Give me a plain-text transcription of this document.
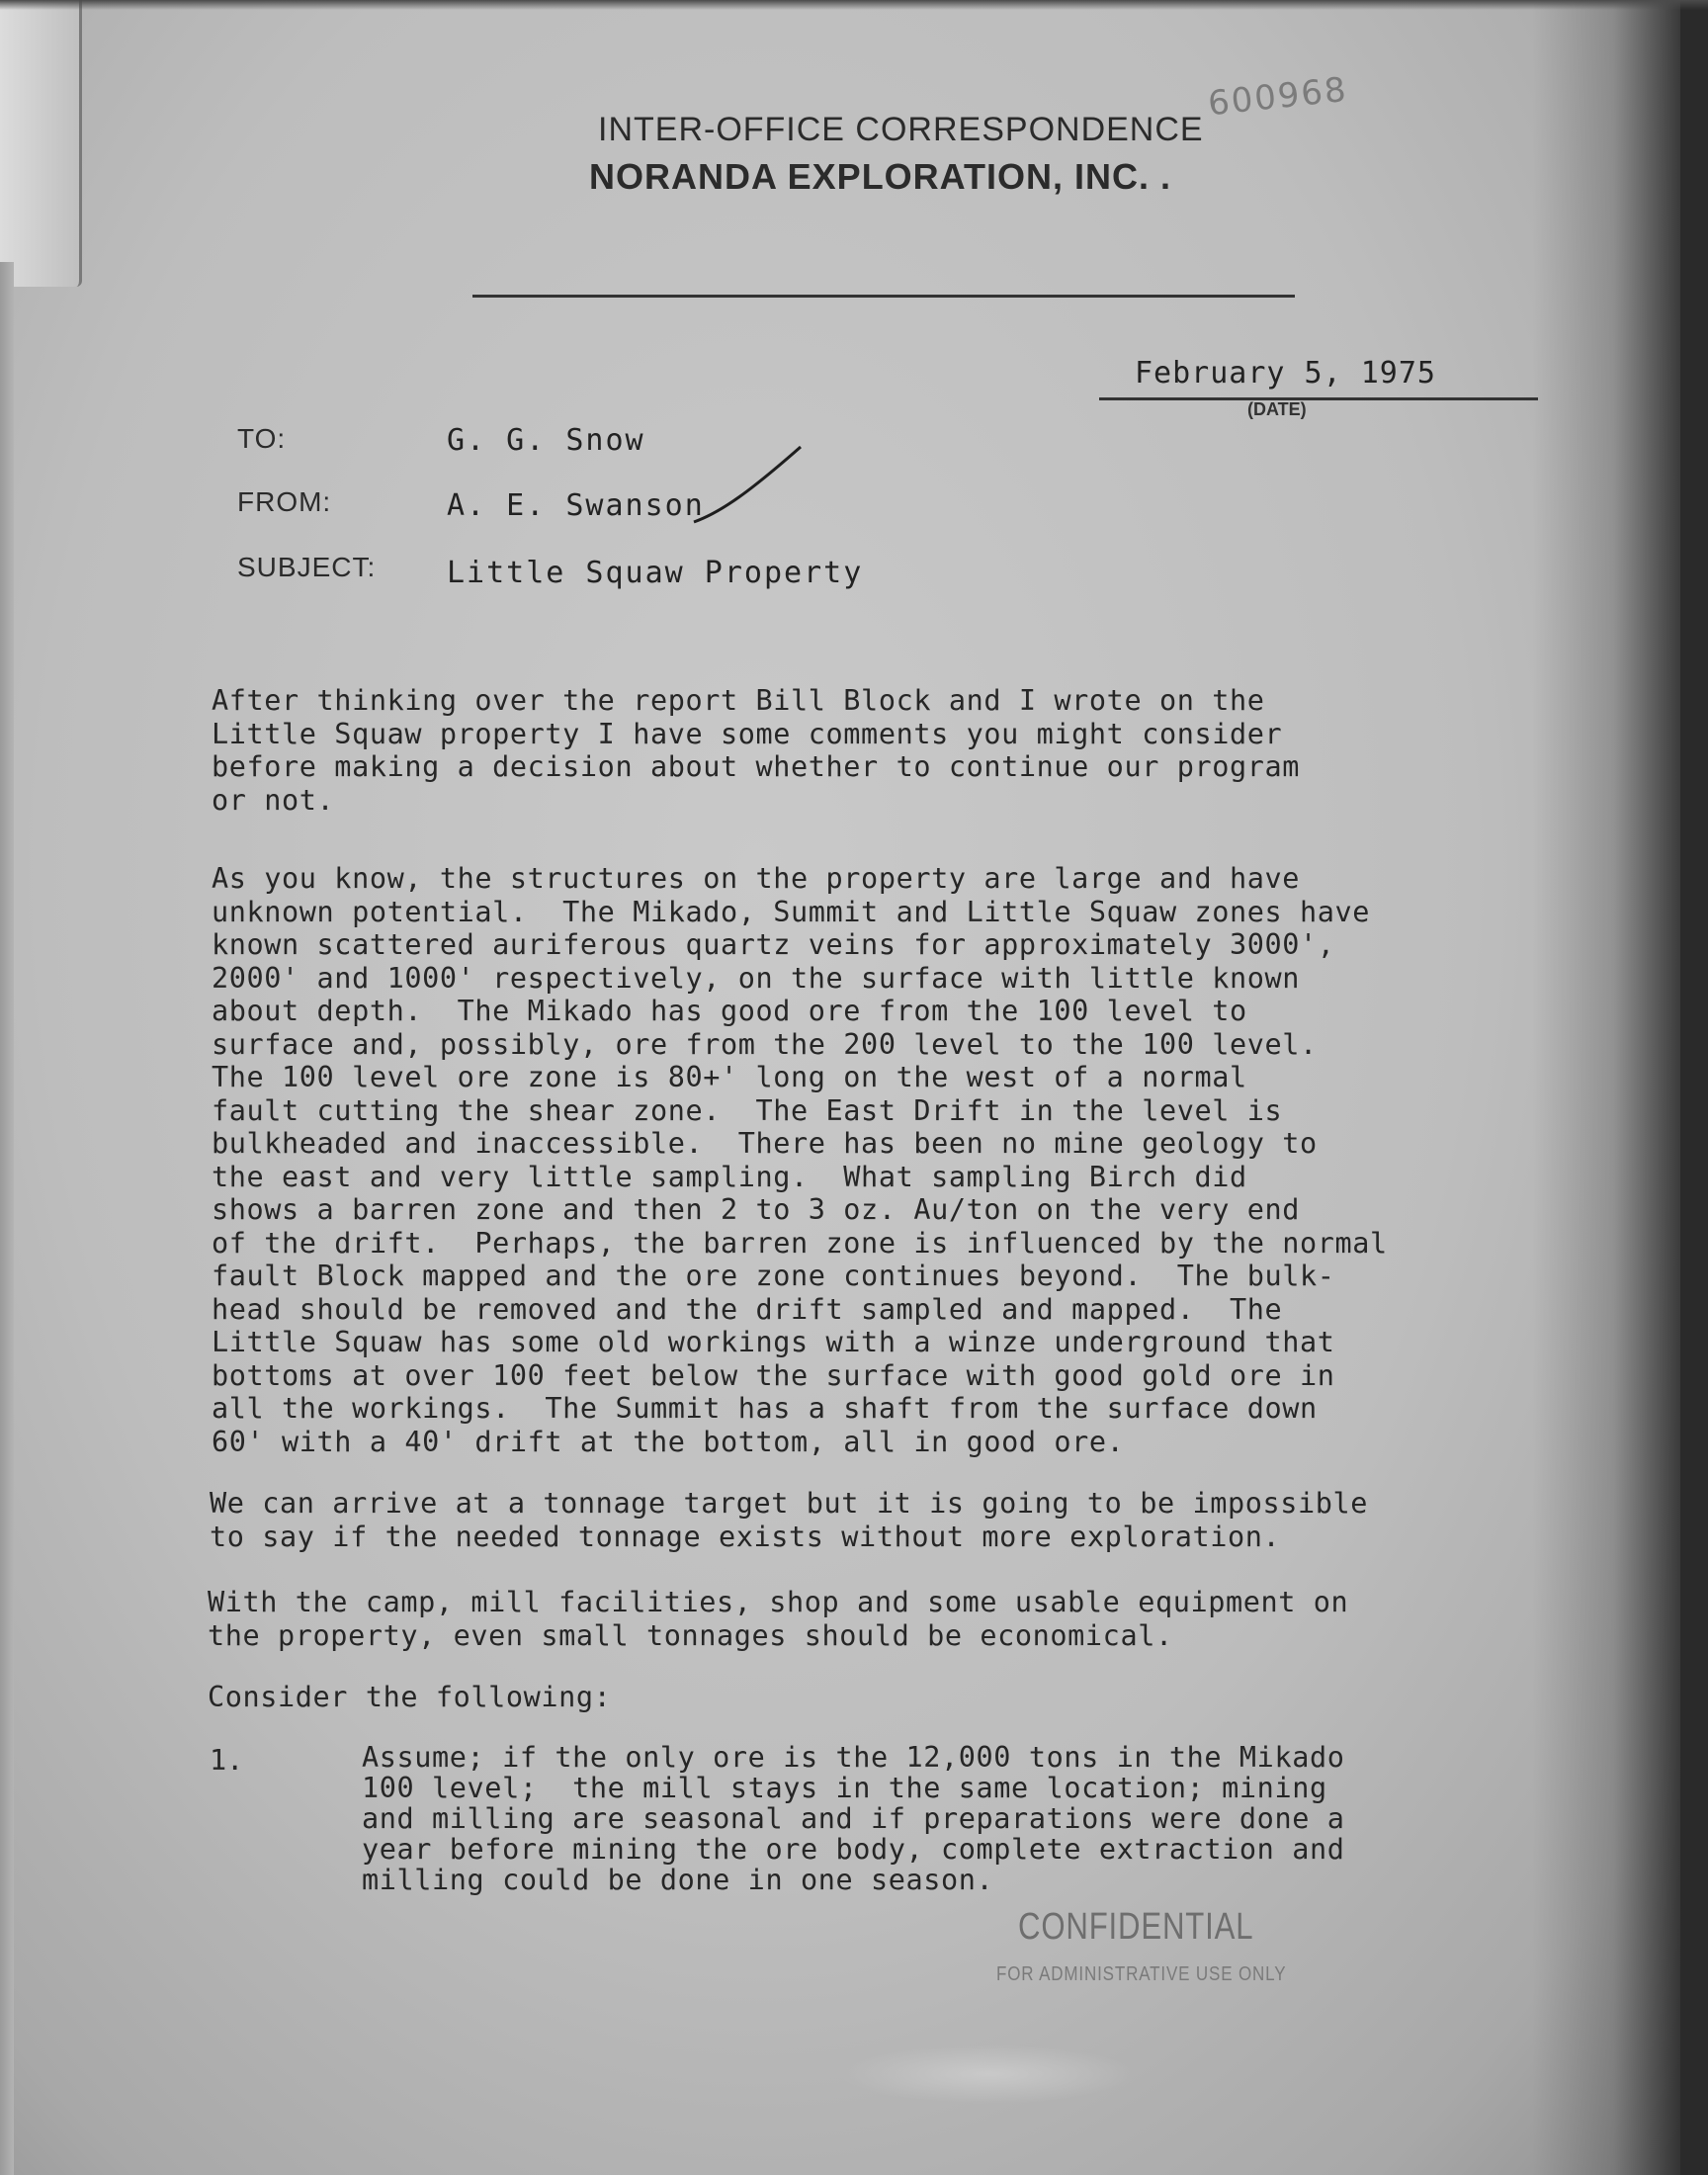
INTER-OFFICE CORRESPONDENCE
NORANDA EXPLORATION, INC. .
600968
February 5, 1975
(DATE)
TO:	G. G. Snow
FROM:	A. E. Swanson
SUBJECT: Little Squaw Property
After thinking over the report Bill Block and I wrote on the
Little Squaw property I have some comments you might consider
before making a decision about whether to continue our program
or not.
As you know, the structures on the property are large and have
unknown potential.  The Mikado, Summit and Little Squaw zones have
known scattered auriferous quartz veins for approximately 3000',
2000' and 1000' respectively, on the surface with little known
about depth.  The Mikado has good ore from the 100 level to
surface and, possibly, ore from the 200 level to the 100 level.
The 100 level ore zone is 80+' long on the west of a normal
fault cutting the shear zone.  The East Drift in the level is
bulkheaded and inaccessible.  There has been no mine geology to
the east and very little sampling.  What sampling Birch did
shows a barren zone and then 2 to 3 oz. Au/ton on the very end
of the drift.  Perhaps, the barren zone is influenced by the normal
fault Block mapped and the ore zone continues beyond.  The bulk-
head should be removed and the drift sampled and mapped.  The
Little Squaw has some old workings with a winze underground that
bottoms at over 100 feet below the surface with good gold ore in
all the workings.  The Summit has a shaft from the surface down
60' with a 40' drift at the bottom, all in good ore.
We can arrive at a tonnage target but it is going to be impossible
to say if the needed tonnage exists without more exploration.
With the camp, mill facilities, shop and some usable equipment on
the property, even small tonnages should be economical.
Consider the following:
1.	Assume; if the only ore is the 12,000 tons in the Mikado
100 level;  the mill stays in the same location; mining
and milling are seasonal and if preparations were done a
year before mining the ore body, complete extraction and
milling could be done in one season.
CONFIDENTIAL
FOR ADMINISTRATIVE USE ONLY
